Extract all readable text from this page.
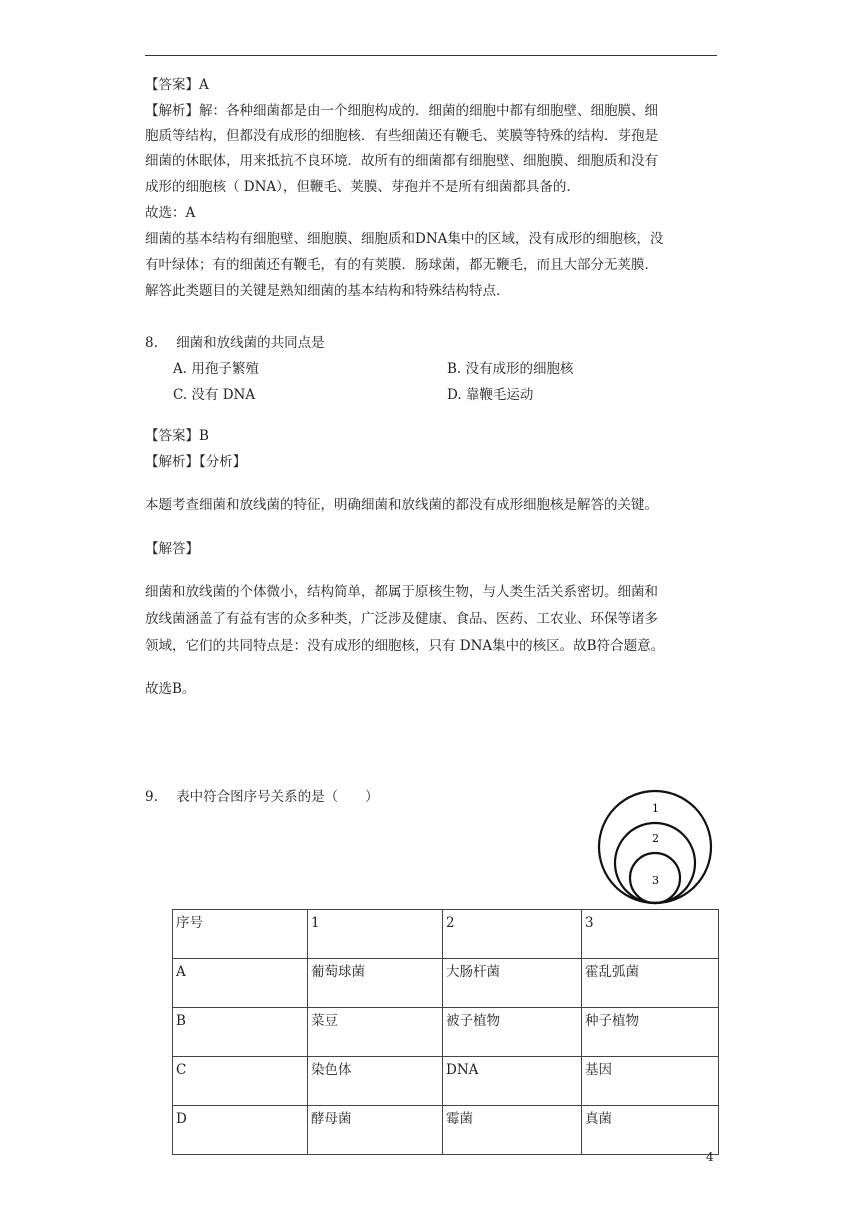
【答案】A
【解析】解：各种细菌都是由一个细胞构成的．细菌的细胞中都有细胞壁、细胞膜、细
胞质等结构，但都没有成形的细胞核．有些细菌还有鞭毛、荚膜等特殊的结构．芽孢是
细菌的休眠体，用来抵抗不良环境．故所有的细菌都有细胞壁、细胞膜、细胞质和没有
成形的细胞核（ DNA），但鞭毛、荚膜、芽孢并不是所有细菌都具备的．
故选：A
细菌的基本结构有细胞壁、细胞膜、细胞质和DNA集中的区域，没有成形的细胞核，没
有叶绿体；有的细菌还有鞭毛，有的有荚膜．肠球菌，都无鞭毛，而且大部分无荚膜．
解答此类题目的关键是熟知细菌的基本结构和特殊结构特点．
8. 细菌和放线菌的共同点是
A. 用孢子繁殖	B. 没有成形的细胞核
C. 没有 DNA	D. 靠鞭毛运动
【答案】B
【解析】【分析】
本题考查细菌和放线菌的特征，明确细菌和放线菌的都没有成形细胞核是解答的关键。
【解答】
细菌和放线菌的个体微小，结构简单，都属于原核生物，与人类生活关系密切。细菌和
放线菌涵盖了有益有害的众多种类，广泛涉及健康、食品、医药、工农业、环保等诸多
领域，它们的共同特点是：没有成形的细胞核，只有 DNA集中的核区。故B符合题意。
故选B。
9. 表中符合图序号关系的是（　　）
1
2
3
序号	1	2	3
A	葡萄球菌	大肠杆菌	霍乱弧菌
B	菜豆	被子植物	种子植物
C	染色体	DNA	基因
D	酵母菌	霉菌	真菌
4
